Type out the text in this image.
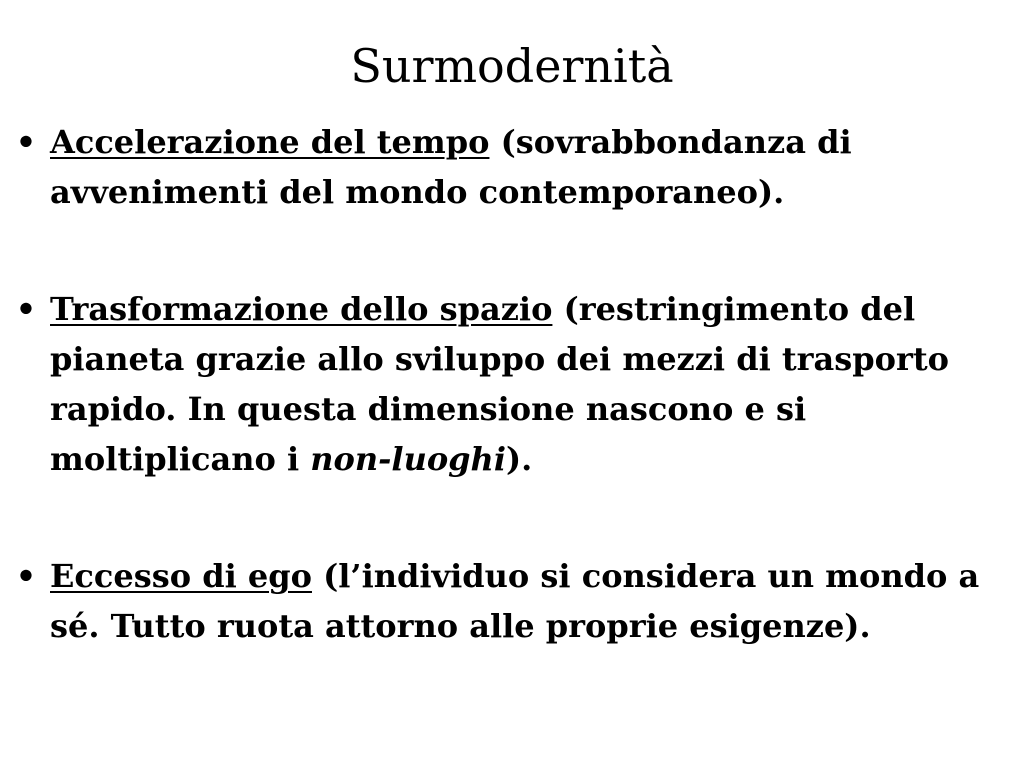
Surmodernità
• Accelerazione del tempo (sovrabbondanza di avvenimenti del mondo contemporaneo).
• Trasformazione dello spazio (restringimento del pianeta grazie allo sviluppo dei mezzi di trasporto rapido. In questa dimensione nascono e si moltiplicano i non-luoghi).
• Eccesso di ego (l’individuo si considera un mondo a sé. Tutto ruota attorno alle proprie esigenze).
